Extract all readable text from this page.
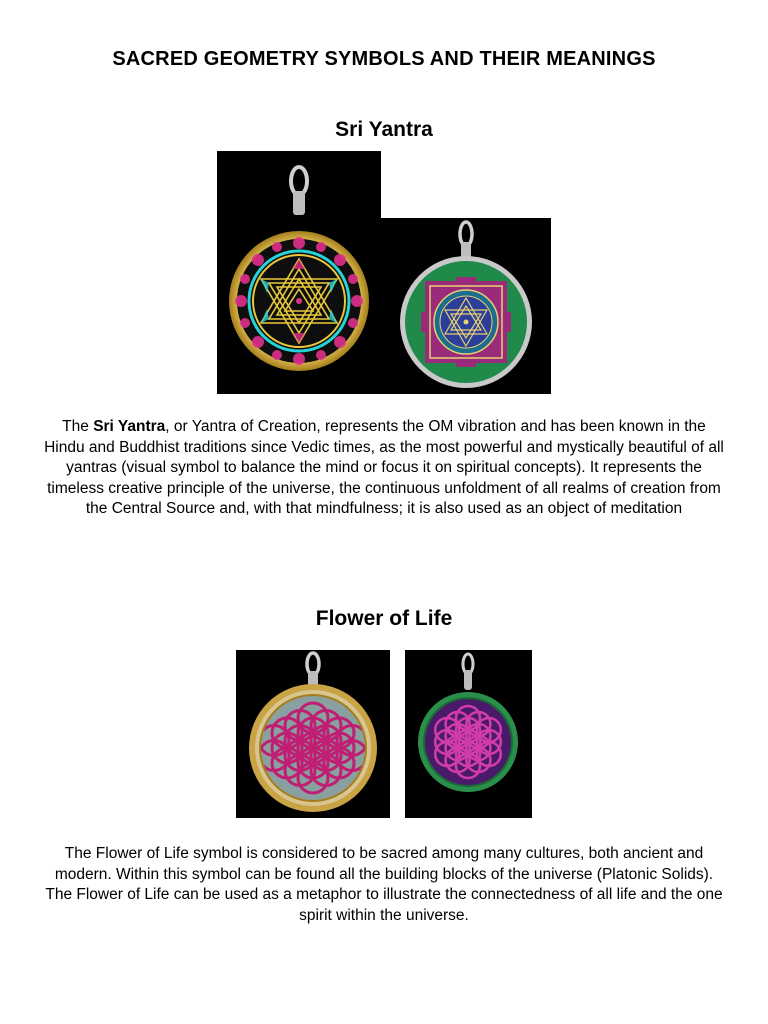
SACRED GEOMETRY SYMBOLS AND THEIR MEANINGS
Sri Yantra

The Sri Yantra, or Yantra of Creation, represents the OM vibration and has been known in the Hindu and Buddhist traditions since Vedic times, as the most powerful and mystically beautiful of all yantras (visual symbol to balance the mind or focus it on spiritual concepts). It represents the timeless creative principle of the universe, the continuous unfoldment of all realms of creation from the Central Source and, with that mindfulness; it is also used as an object of meditation

Flower of Life

The Flower of Life symbol is considered to be sacred among many cultures, both ancient and modern. Within this symbol can be found all the building blocks of the universe (Platonic Solids). The Flower of Life can be used as a metaphor to illustrate the connectedness of all life and the one spirit within the universe.
